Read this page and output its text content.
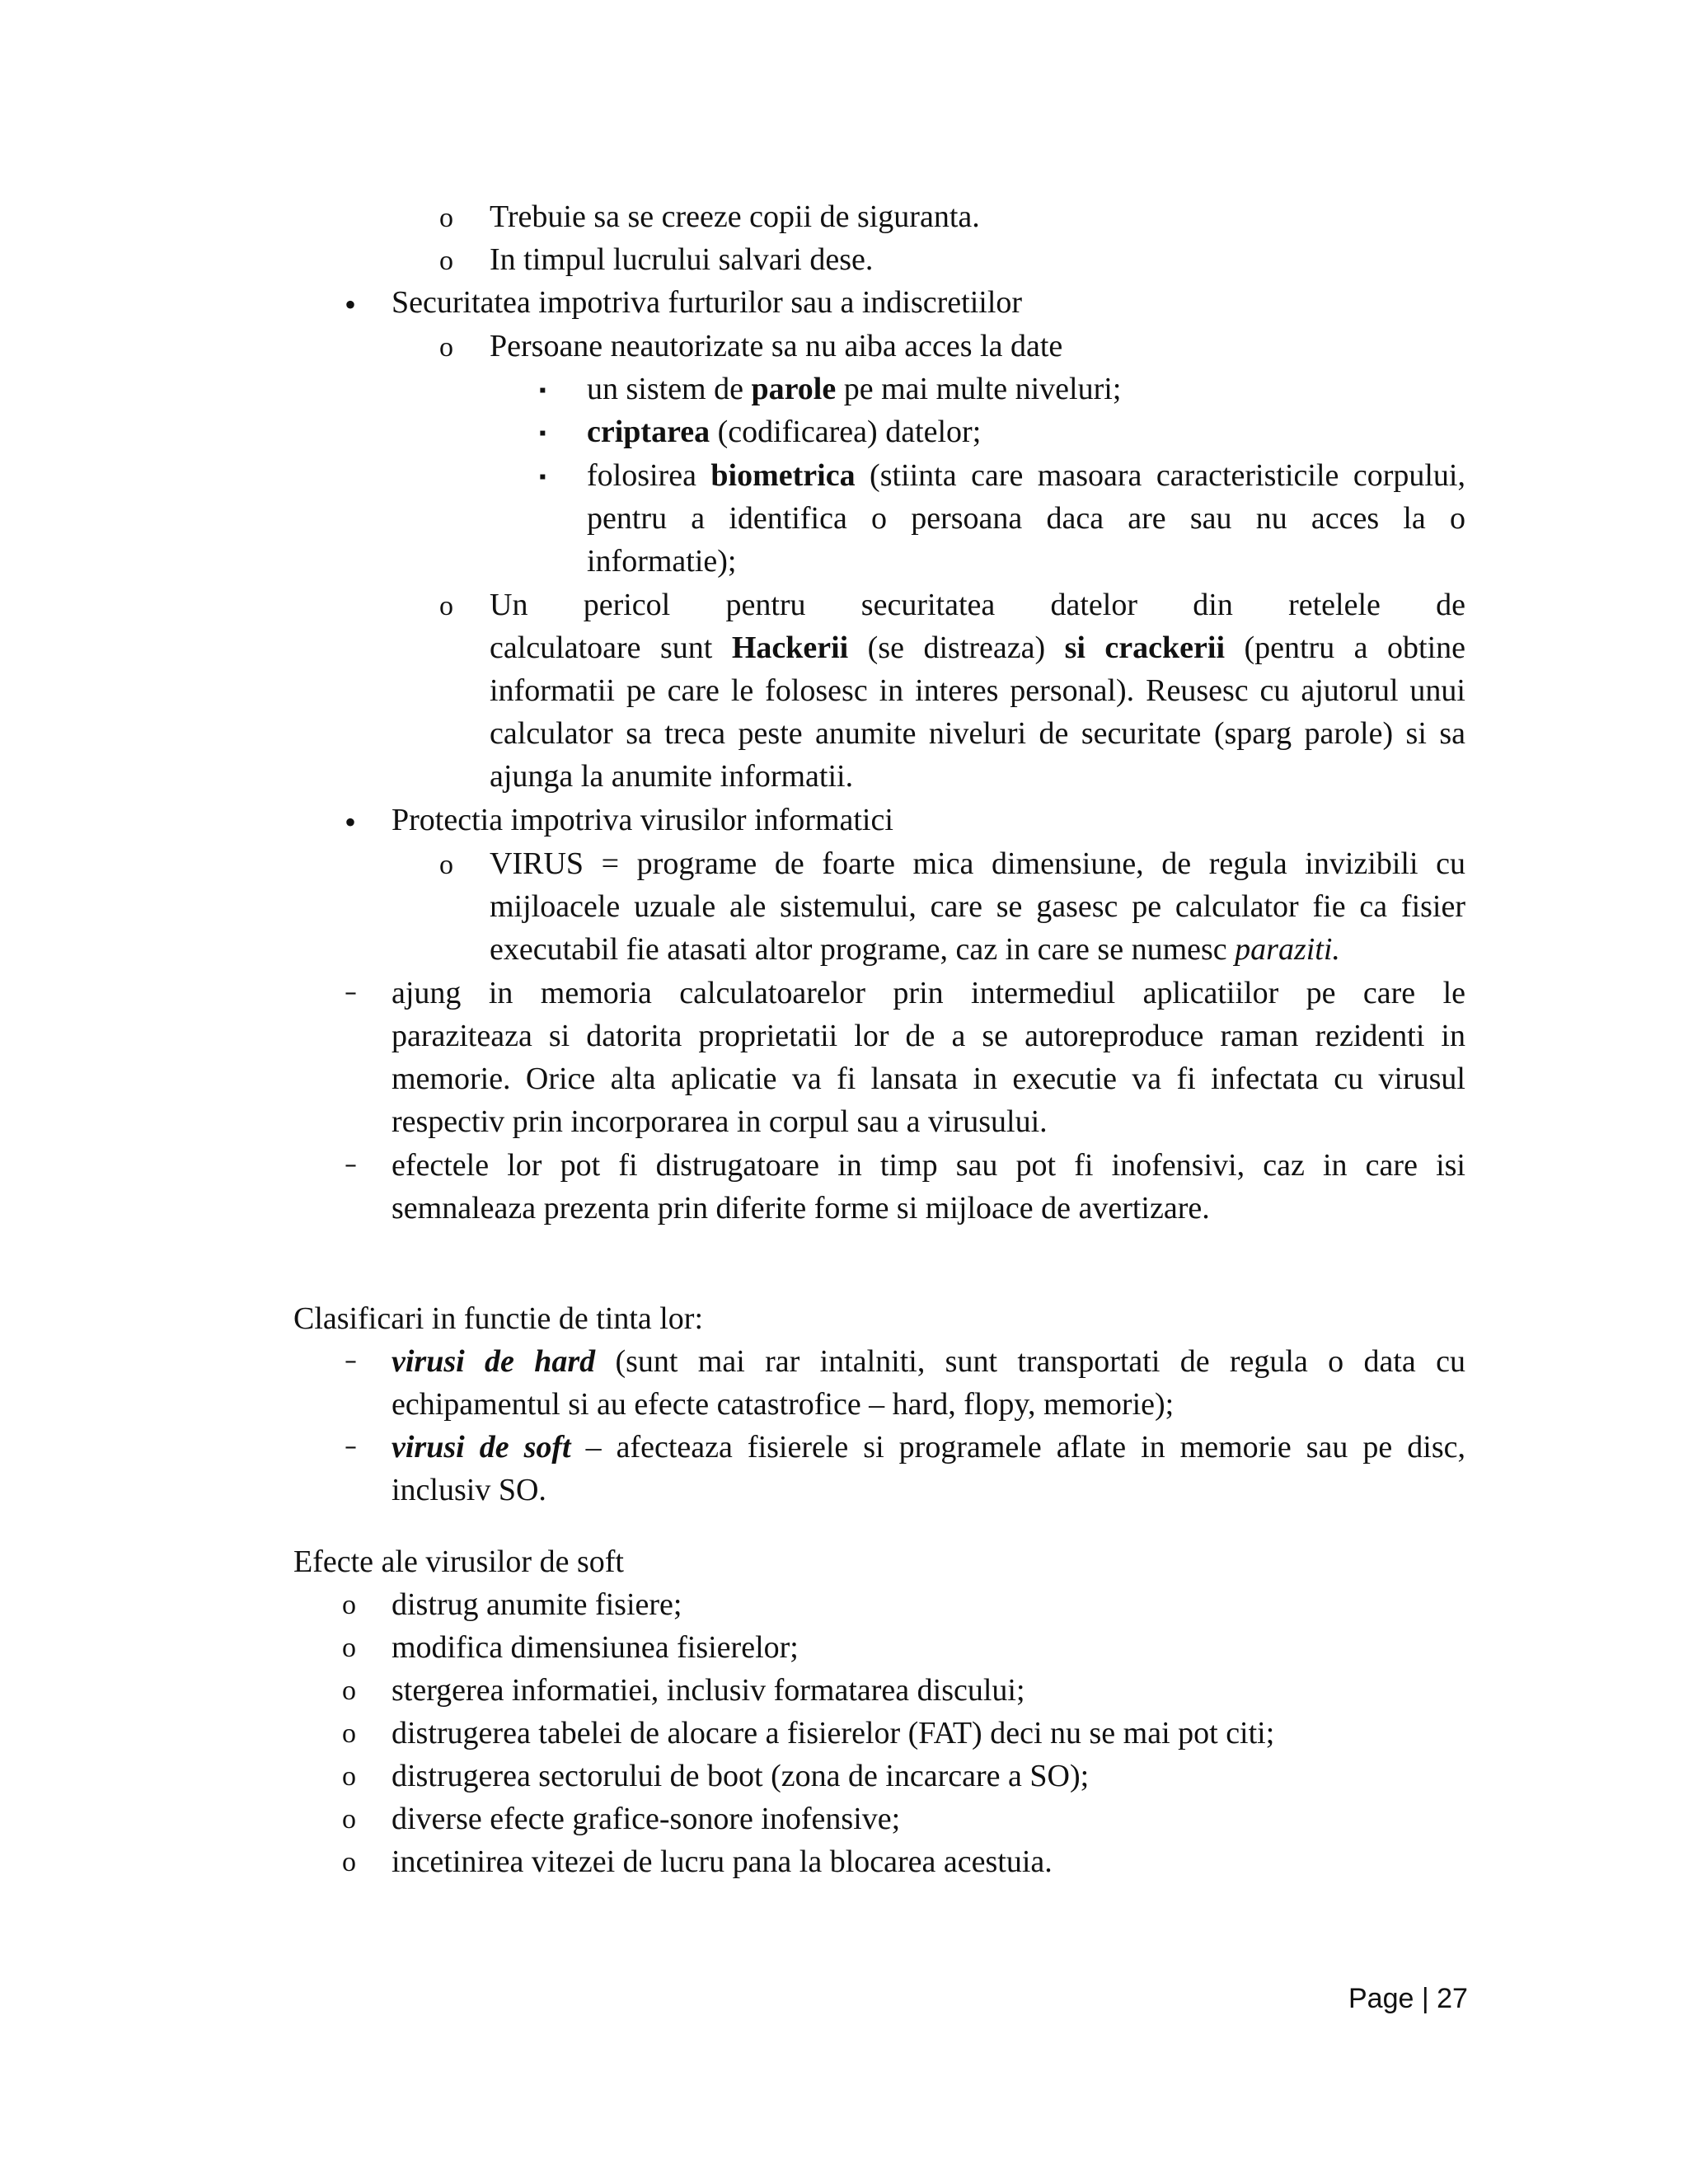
o Trebuie sa se creeze copii de siguranta.
o In timpul lucrului salvari dese.
• Securitatea impotriva furturilor sau a indiscretiilor
o Persoane neautorizate sa nu aiba acces la date
▪ un sistem de parole pe mai multe niveluri;
▪ criptarea (codificarea) datelor;
▪ folosirea biometrica (stiinta care masoara caracteristicile corpului,
pentru a identifica o persoana daca are sau nu acces la o
informatie);
o Un pericol pentru securitatea datelor din retelele de
calculatoare sunt Hackerii (se distreaza) si crackerii (pentru a obtine
informatii pe care le folosesc in interes personal). Reusesc cu ajutorul unui
calculator sa treca peste anumite niveluri de securitate (sparg parole) si sa
ajunga la anumite informatii.
• Protectia impotriva virusilor informatici
o VIRUS = programe de foarte mica dimensiune, de regula invizibili cu
mijloacele uzuale ale sistemului, care se gasesc pe calculator fie ca fisier
executabil fie atasati altor programe, caz in care se numesc paraziti.
– ajung in memoria calculatoarelor prin intermediul aplicatiilor pe care le
paraziteaza si datorita proprietatii lor de a se autoreproduce raman rezidenti in
memorie. Orice alta aplicatie va fi lansata in executie va fi infectata cu virusul
respectiv prin incorporarea in corpul sau a virusului.
– efectele lor pot fi distrugatoare in timp sau pot fi inofensivi, caz in care isi
semnaleaza prezenta prin diferite forme si mijloace de avertizare.
Clasificari in functie de tinta lor:
– virusi de hard (sunt mai rar intalniti, sunt transportati de regula o data cu
echipamentul si au efecte catastrofice – hard, flopy, memorie);
– virusi de soft – afecteaza fisierele si programele aflate in memorie sau pe disc,
inclusiv SO.
Efecte ale virusilor de soft
o distrug anumite fisiere;
o modifica dimensiunea fisierelor;
o stergerea informatiei, inclusiv formatarea discului;
o distrugerea tabelei de alocare a fisierelor (FAT) deci nu se mai pot citi;
o distrugerea sectorului de boot (zona de incarcare a SO);
o diverse efecte grafice-sonore inofensive;
o incetinirea vitezei de lucru pana la blocarea acestuia.
Page | 27
